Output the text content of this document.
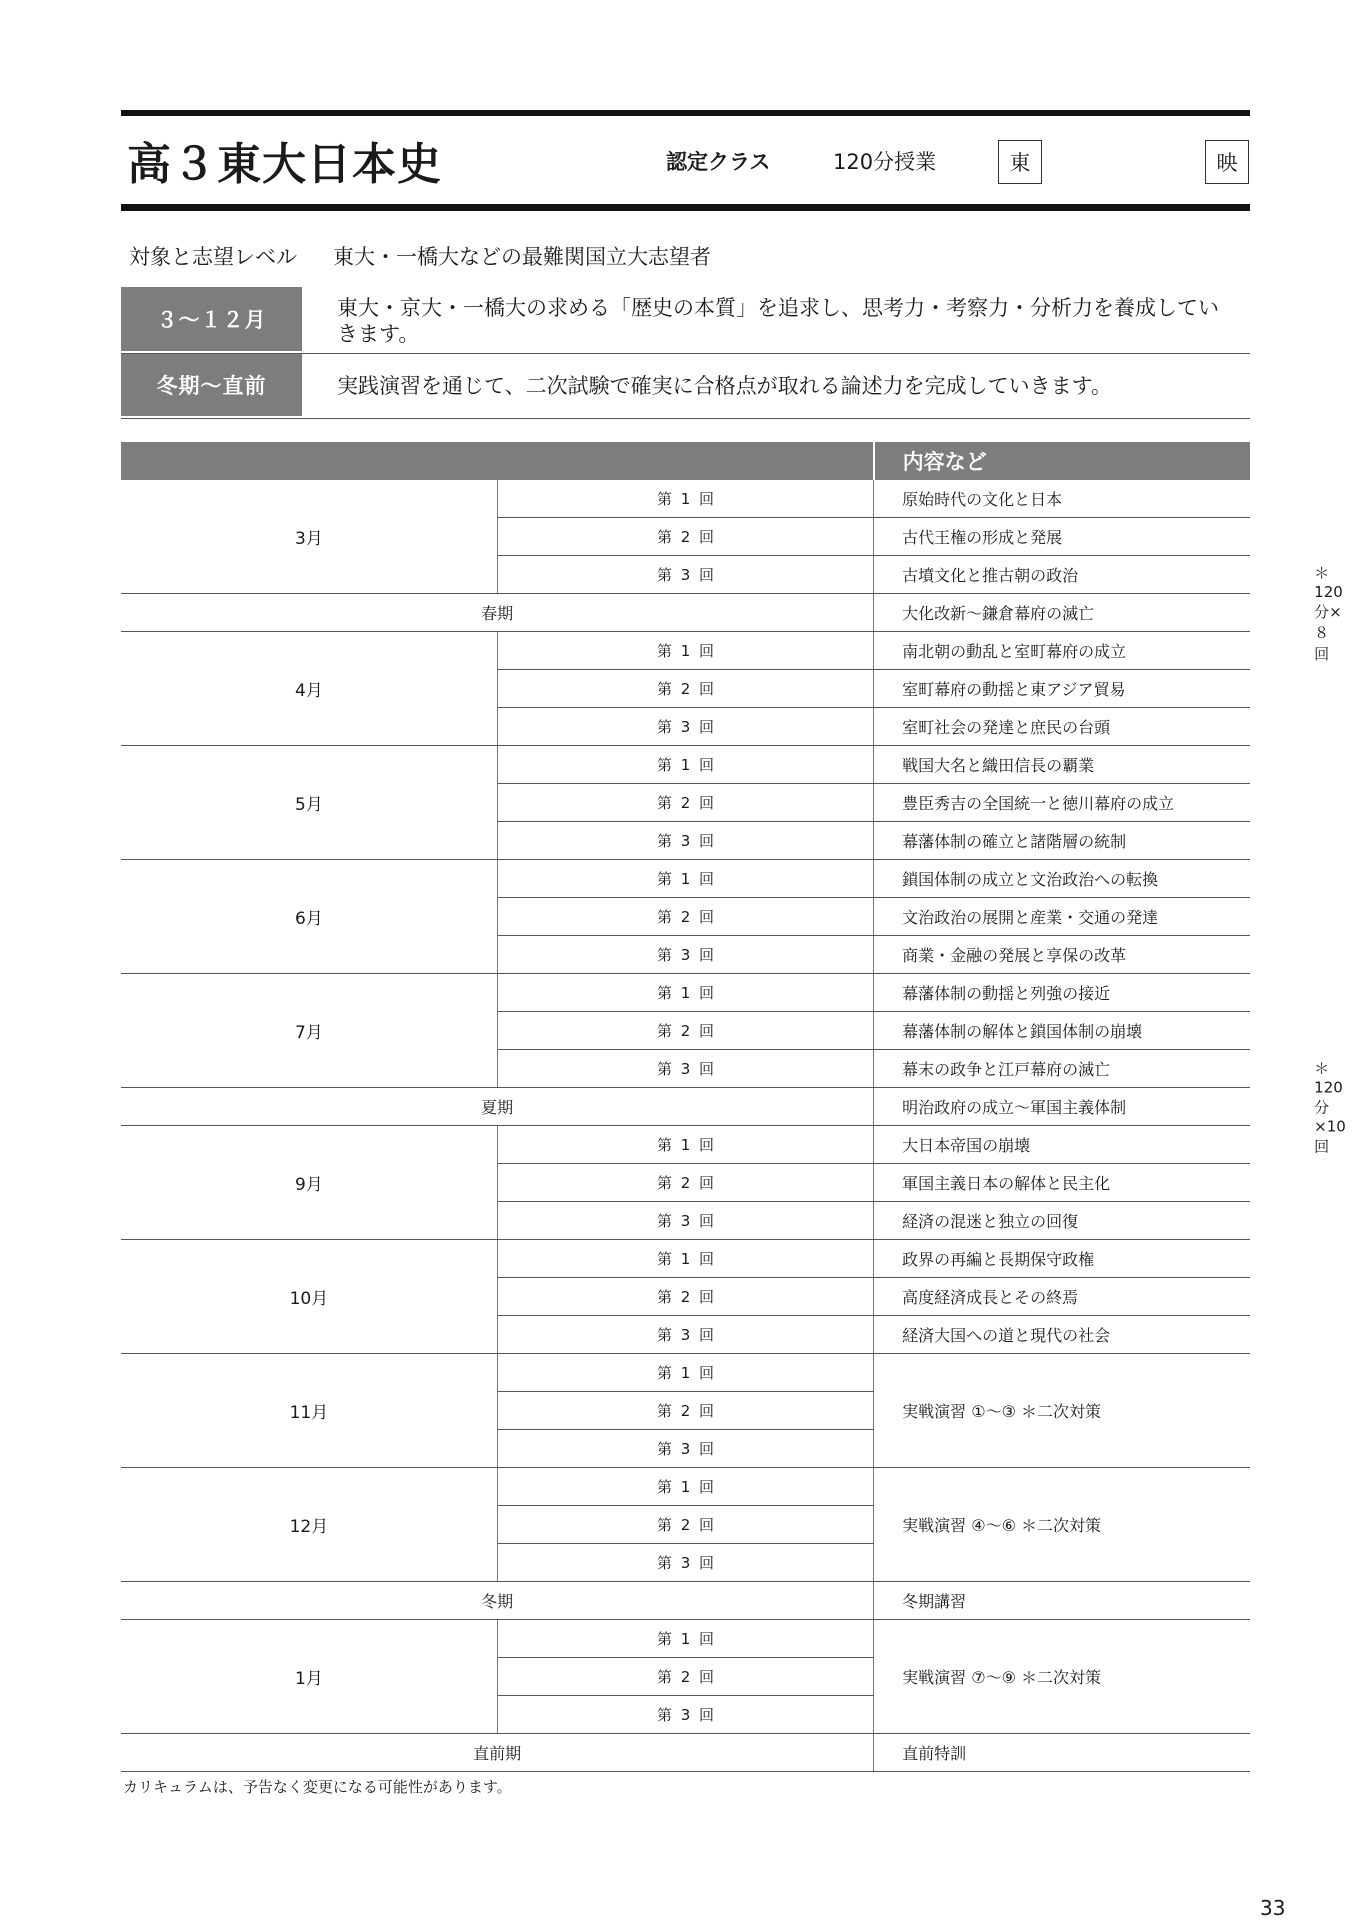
高３東大日本史	認定クラス	120分授業	東	映
対象と志望レベル 東大・一橋大などの最難関国立大志望者
３～１２月	東大・京大・一橋大の求める「歴史の本質」を追求し、思考力・考察力・分析力を養成していきます。
冬期～直前	実践演習を通じて、二次試験で確実に合格点が取れる論述力を完成していきます。
		内容など
3月	第 1 回	原始時代の文化と日本
	第 2 回	古代王権の形成と発展
	第 3 回	古墳文化と推古朝の政治
春期		大化改新～鎌倉幕府の滅亡
＊120分×８回

4月	第 1 回	南北朝の動乱と室町幕府の成立
	第 2 回	室町幕府の動揺と東アジア貿易
	第 3 回	室町社会の発達と庶民の台頭
5月	第 1 回	戦国大名と織田信長の覇業
	第 2 回	豊臣秀吉の全国統一と徳川幕府の成立
	第 3 回	幕藩体制の確立と諸階層の統制
6月	第 1 回	鎖国体制の成立と文治政治への転換
	第 2 回	文治政治の展開と産業・交通の発達
	第 3 回	商業・金融の発展と享保の改革
7月	第 1 回	幕藩体制の動揺と列強の接近
	第 2 回	幕藩体制の解体と鎖国体制の崩壊
	第 3 回	幕末の政争と江戸幕府の滅亡
夏期		明治政府の成立～軍国主義体制
＊120分×10回

9月	第 1 回	大日本帝国の崩壊
	第 2 回	軍国主義日本の解体と民主化
	第 3 回	経済の混迷と独立の回復
10月	第 1 回	政界の再編と長期保守政権
	第 2 回	高度経済成長とその終焉
	第 3 回	経済大国への道と現代の社会
11月	第 1 回	実戦演習 ①～③ ＊二次対策
	第 2 回	
	第 3 回	
12月	第 1 回	実戦演習 ④～⑥ ＊二次対策
	第 2 回	
	第 3 回	
冬期		冬期講習
1月	第 1 回	実戦演習 ⑦～⑨ ＊二次対策
	第 2 回	
	第 3 回	
直前期		直前特訓
カリキュラムは、予告なく変更になる可能性があります。
33
